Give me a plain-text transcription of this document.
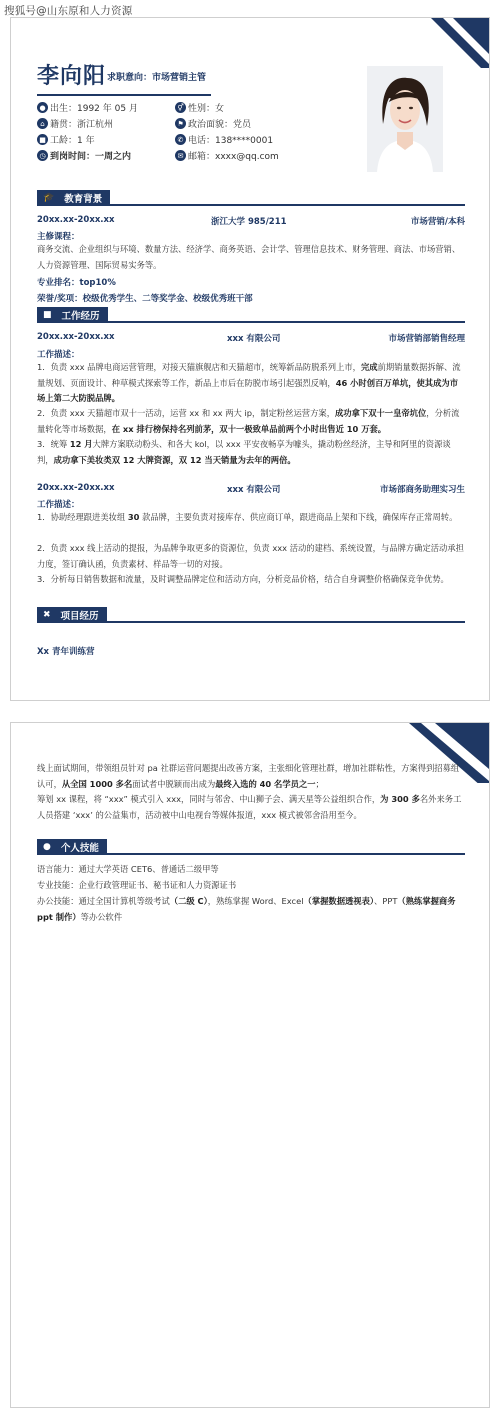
搜狐号@山东原和人力资源
李向阳 求职意向：市场营销主管
● 出生：1992 年 05 月	⚥ 性别：女
⌂ 籍贯：浙江杭州	⚑ 政治面貌：党员
■ 工龄：1 年	✆ 电话：138****0001
◷ 到岗时间： 一周之内	✉ 邮箱：xxxx@qq.com
🎓 教育背景
20xx.xx-20xx.xx	浙江大学 985/211	市场营销/本科
主修课程：
商务交流、企业组织与环境、数量方法、经济学、商务英语、会计学、管理信息技术、财务管理、商法、市场营销、人力资源管理、国际贸易实务等。
专业排名：top10%
荣誉/奖项：校级优秀学生、二等奖学金、校级优秀班干部
■ 工作经历
20xx.xx-20xx.xx	xxx 有限公司	市场营销部销售经理
工作描述：
1．负责 xxx 品牌电商运营管理，对接天猫旗舰店和天猫超市，统筹新品防脱系列上市，完成前期销量数据拆解、流量规划、页面设计、种草模式探索等工作，新品上市后在防脱市场引起强烈反响，46 小时创百万单坑，使其成为市场上第二大防脱品牌。
2．负责 xxx 天猫超市双十一活动，运营 xx 和 xx 两大 ip，制定粉丝运营方案，成功拿下双十一皇帝坑位，分析流量转化等市场数据，在 xx 排行榜保持名列前茅，双十一极致单品前两个小时出售近 10 万套。
3．统筹 12 月大牌方案联动粉头、和各大 kol，以 xxx 平安夜畅享为噱头，撬动粉丝经济，主导和阿里的资源谈判，成功拿下美妆类双 12 大牌资源，双 12 当天销量为去年的两倍。
20xx.xx-20xx.xx	xxx 有限公司	市场部商务助理实习生
工作描述：
1．协助经理跟进美妆组 30 款品牌，主要负责对接库存、供应商订单，跟进商品上架和下线，确保库存正常周转。
2．负责 xxx 线上活动的提报，为品牌争取更多的资源位，负责 xxx 活动的建档、系统设置，与品牌方确定活动承担力度，签订确认函，负责素材、样品等一切的对接。
3．分析每日销售数据和流量，及时调整品牌定位和活动方向，分析竞品价格，结合自身调整价格确保竞争优势。
✖ 项目经历
Xx 青年训练营
线上面试期间，带领组员针对 pa 社群运营问题提出改善方案，主张细化管理社群，增加社群粘性，方案得到招募组认可，从全国 1000 多名面试者中脱颖而出成为最终入选的 40 名学员之一；
筹划 xx 课程，将 “xxx” 模式引入 xxx，同时与邻舍、中山狮子会、满天星等公益组织合作，为 300 多名外来务工人员搭建 ‘xxx’ 的公益集市，活动被中山电视台等媒体报道，xxx 模式被邻舍沿用至今。
● 个人技能
语言能力：通过大学英语 CET6、普通话二级甲等
专业技能：企业行政管理证书、秘书证和人力资源证书
办公技能：通过全国计算机等级考试（二级 C），熟练掌握 Word、Excel（掌握数据透视表）、PPT（熟练掌握商务 ppt 制作）等办公软件
